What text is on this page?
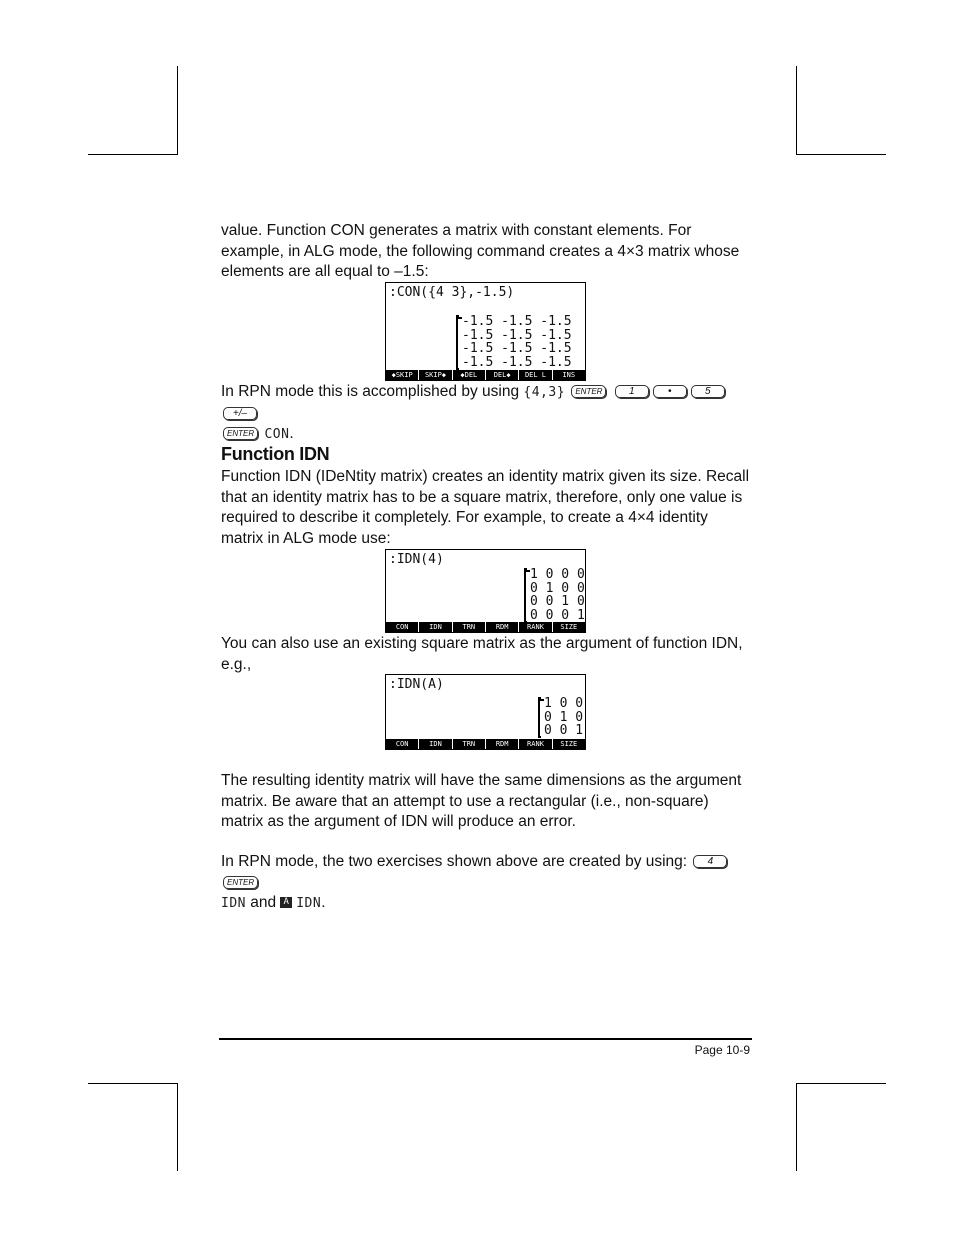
value. Function CON generates a matrix with constant elements. For
example, in ALG mode, the following command creates a 4×3 matrix whose
elements are all equal to –1.5:
:CON({4 3},-1.5)
-1.5 -1.5 -1.5
-1.5 -1.5 -1.5
-1.5 -1.5 -1.5
-1.5 -1.5 -1.5
◆SKIP	SKIP◆	◆DEL	DEL◆	DEL L	INS
In RPN mode this is accomplished by using {4,3} ENTER	1	•	5 +/–
ENTER CON.
Function IDN
Function IDN (IDeNtity matrix) creates an identity matrix given its size. Recall
that an identity matrix has to be a square matrix, therefore, only one value is
required to describe it completely. For example, to create a 4×4 identity
matrix in ALG mode use:
:IDN(4)
1 0 0 0
0 1 0 0
0 0 1 0
0 0 0 1
CON	IDN	TRN	RDM	RANK	SIZE
You can also use an existing square matrix as the argument of function IDN,
e.g.,
:IDN(A)
1 0 0
0 1 0
0 0 1
CON	IDN	TRN	RDM	RANK	SIZE
The resulting identity matrix will have the same dimensions as the argument
matrix. Be aware that an attempt to use a rectangular (i.e., non-square)
matrix as the argument of IDN will produce an error.
In RPN mode, the two exercises shown above are created by using: 4ENTER
IDN and A IDN.
Page 10-9
